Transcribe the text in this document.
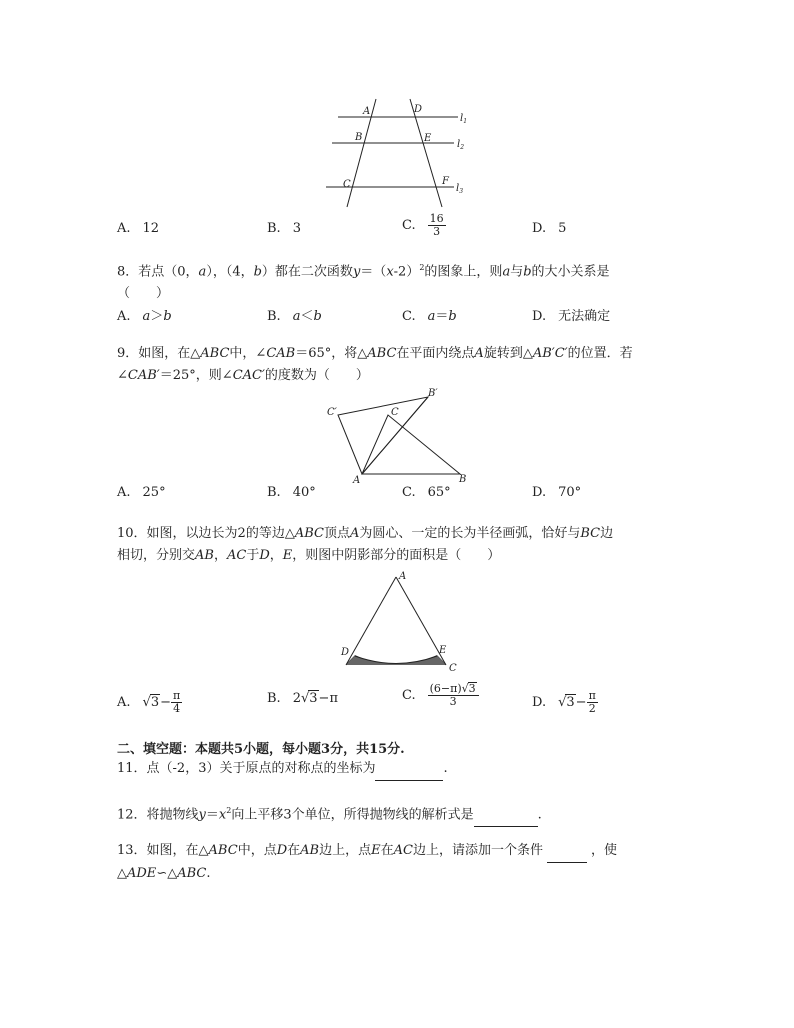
A	D
B	E
C	F
$l_1$
$l_2$
$l_3$
A. 12	B. 3	C. $\frac{16}{3}$	D. 5
8．若点（0，a），（4，b）都在二次函数$y=(x-2)^2$的图象上，则a与b的大小关系是
（　　）
A. a＞b	B. a＜b	C. a＝b	D. 无法确定
9．如图，在△ABC中，∠CAB＝65°，将△ABC在平面内绕点A旋转到△AB′C′的位置．若
∠CAB′＝25°，则∠CAC′的度数为（　　）
C′	C
B′
A	B
A. 25°	B. 40°	C. 65°	D. 70°
10．如图，以边长为2的等边△ABC顶点A为圆心、一定的长为半径画弧，恰好与BC边
相切，分别交AB，AC于D，E，则图中阴影部分的面积是（　　）
A
D	E
C
A. $√3- \frac{\pi}{4}$	B. 2√3−π	C. $\frac{(6-\pi)√3}{3}$	D. $√3- \frac{\pi}{2}$
二、填空题：本题共5小题，每小题3分，共15分.
11．点（-2，3）关于原点的对称点的坐标为	.
12．将抛物线$y=x^2$向上平移3个单位，所得抛物线的解析式是	.
13．如图，在△ABC中，点D在AB边上，点E在AC边上，请添加一个条件	，使
△ADE∽△ABC.
